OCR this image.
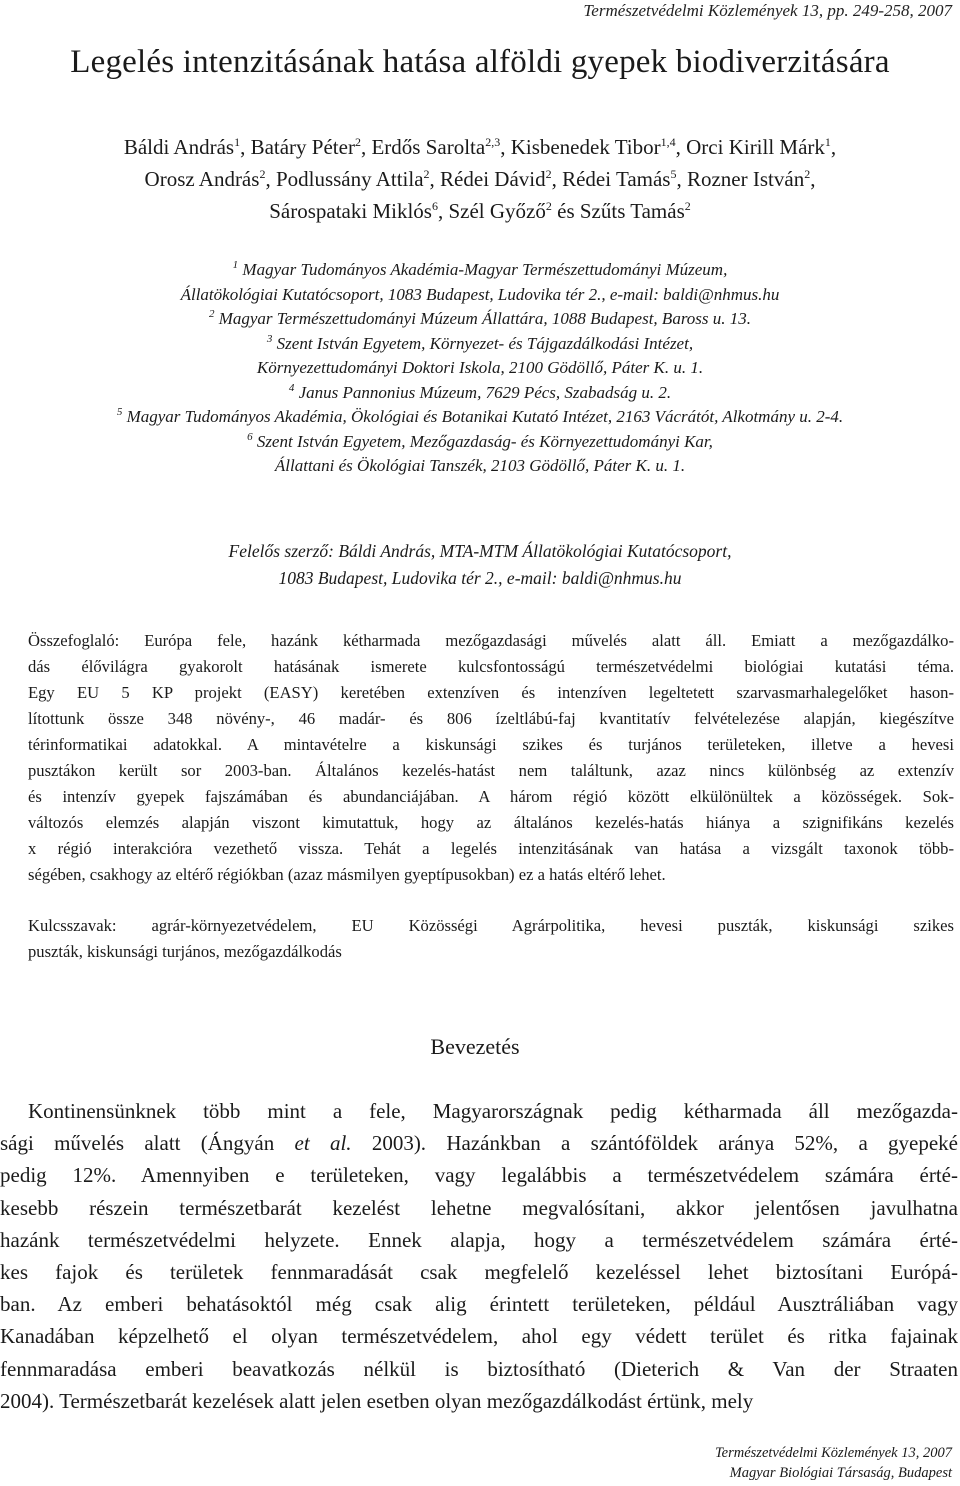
Természetvédelmi Közlemények 13, pp. 249-258, 2007
Legelés intenzitásának hatása alföldi gyepek biodiverzitására
Báldi András$^1$, Batáry Péter$^2$, Erdős Sarolta$^{2,3}$, Kisbenedek Tibor$^{1,4}$, Orci Kirill Márk$^1$,
Orosz András$^2$, Podlussány Attila$^2$, Rédei Dávid$^2$, Rédei Tamás$^5$, Rozner István$^2$,
Sárospataki Miklós$^6$, Szél Győző$^2$ és Szűts Tamás$^2$
$^1$ Magyar Tudományos Akadémia-Magyar Természettudományi Múzeum,
Állatökológiai Kutatócsoport, 1083 Budapest, Ludovika tér 2., e-mail: baldi@nhmus.hu
$^2$ Magyar Természettudományi Múzeum Állattára, 1088 Budapest, Baross u. 13.
$^3$ Szent István Egyetem, Környezet- és Tájgazdálkodási Intézet,
Környezettudományi Doktori Iskola, 2100 Gödöllő, Páter K. u. 1.
$^4$ Janus Pannonius Múzeum, 7629 Pécs, Szabadság u. 2.
$^5$ Magyar Tudományos Akadémia, Ökológiai és Botanikai Kutató Intézet, 2163 Vácrátót, Alkotmány u. 2-4.
$^6$ Szent István Egyetem, Mezőgazdaság- és Környezettudományi Kar,
Állattani és Ökológiai Tanszék, 2103 Gödöllő, Páter K. u. 1.
Felelős szerző: Báldi András, MTA-MTM Állatökológiai Kutatócsoport,
1083 Budapest, Ludovika tér 2., e-mail: baldi@nhmus.hu
Összefoglaló: Európa fele, hazánk kétharmada mezőgazdasági művelés alatt áll. Emiatt a mezőgazdálko-
dás élővilágra gyakorolt hatásának ismerete kulcsfontosságú természetvédelmi biológiai kutatási téma.
Egy EU 5 KP projekt (EASY) keretében extenzíven és intenzíven legeltetett szarvasmarhalegelőket hason-
lítottunk össze 348 növény-, 46 madár- és 806 ízeltlábú-faj kvantitatív felvételezése alapján, kiegészítve
térinformatikai adatokkal. A mintavételre a kiskunsági szikes és turjános területeken, illetve a hevesi
pusztákon került sor 2003-ban. Általános kezelés-hatást nem találtunk, azaz nincs különbség az extenzív
és intenzív gyepek fajszámában és abundanciájában. A három régió között elkülönültek a közösségek. Sok-
változós elemzés alapján viszont kimutattuk, hogy az általános kezelés-hatás hiánya a szignifikáns kezelés
x régió interakcióra vezethető vissza. Tehát a legelés intenzitásának van hatása a vizsgált taxonok több-
ségében, csakhogy az eltérő régiókban (azaz másmilyen gyeptípusokban) ez a hatás eltérő lehet.
Kulcsszavak: agrár-környezetvédelem, EU Közösségi Agrárpolitika, hevesi puszták, kiskunsági szikes
puszták, kiskunsági turjános, mezőgazdálkodás
Bevezetés
Kontinensünknek több mint a fele, Magyarországnak pedig kétharmada áll mezőgazda-
sági művelés alatt (Ángyán et al. 2003). Hazánkban a szántóföldek aránya 52%, a gyepeké
pedig 12%. Amennyiben e területeken, vagy legalábbis a természetvédelem számára érté-
kesebb részein természetbarát kezelést lehetne megvalósítani, akkor jelentősen javulhatna
hazánk természetvédelmi helyzete. Ennek alapja, hogy a természetvédelem számára érté-
kes fajok és területek fennmaradását csak megfelelő kezeléssel lehet biztosítani Európá-
ban. Az emberi behatásoktól még csak alig érintett területeken, például Ausztráliában vagy
Kanadában képzelhető el olyan természetvédelem, ahol egy védett terület és ritka fajainak
fennmaradása emberi beavatkozás nélkül is biztosítható (Dieterich & Van der Straaten
2004). Természetbarát kezelések alatt jelen esetben olyan mezőgazdálkodást értünk, mely
Természetvédelmi Közlemények 13, 2007
Magyar Biológiai Társaság, Budapest
